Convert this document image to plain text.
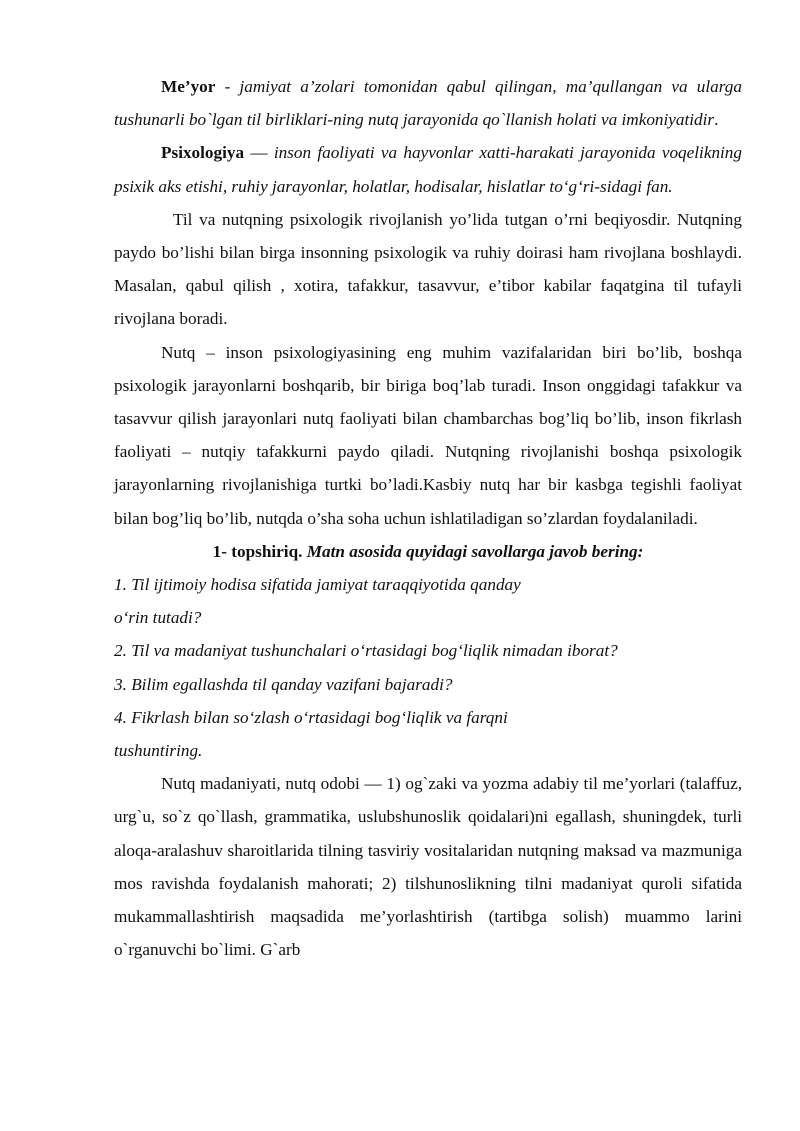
Me’yor - jamiyat a’zolari tomonidan qabul qilingan, ma’qullangan va ularga tushunarli bo`lgan til birliklari-ning nutq jarayonida qo`llanish holati va imkoniyatidir.

Psixologiya — inson faoliyati va hayvonlar xatti-harakati jarayonida voqelikning psixik aks etishi, ruhiy jarayonlar, holatlar, hodisalar, hislatlar to‘g‘ri-sidagi fan.

Til va nutqning psixologik rivojlanish yo’lida tutgan o’rni beqiyosdir. Nutqning paydo bo’lishi bilan birga insonning psixologik va ruhiy doirasi ham rivojlana boshlaydi. Masalan, qabul qilish , xotira, tafakkur, tasavvur, e’tibor kabilar faqatgina til tufayli rivojlana boradi.

Nutq – inson psixologiyasining eng muhim vazifalaridan biri bo’lib, boshqa psixologik jarayonlarni boshqarib, bir biriga boq’lab turadi. Inson onggidagi tafakkur va tasavvur qilish jarayonlari nutq faoliyati bilan chambarchas bog’liq bo’lib, inson fikrlash faoliyati – nutqiy tafakkurni paydo qiladi. Nutqning rivojlanishi boshqa psixologik jarayonlarning rivojlanishiga turtki bo’ladi.Kasbiy nutq har bir kasbga tegishli faoliyat bilan bog’liq bo’lib, nutqda o’sha soha uchun ishlatiladigan so’zlardan foydalaniladi.

1- topshiriq. Matn asosida quyidagi savollarga javob bering:

1. Til ijtimoiy hodisa sifatida jamiyat taraqqiyotida qanday

o‘rin tutadi?

2. Til va madaniyat tushunchalari o‘rtasidagi bog‘liqlik nimadan iborat?

3. Bilim egallashda til qanday vazifani bajaradi?

4. Fikrlash bilan so‘zlash o‘rtasidagi bog‘liqlik va farqni

tushuntiring.

Nutq madaniyati, nutq odobi — 1) og`zaki va yozma adabiy til me’yorlari (talaffuz, urg`u, so`z qo`llash, grammatika, uslubshunoslik qoidalari)ni egallash, shuningdek, turli aloqa-aralashuv sharoitlarida tilning tasviriy vositalaridan nutqning maksad va mazmuniga mos ravishda foydalanish mahorati; 2) tilshunoslikning tilni madaniyat quroli sifatida mukammallashtirish maqsadida me’yorlashtirish (tartibga solish) muammo larini o`rganuvchi bo`limi. G`arb
